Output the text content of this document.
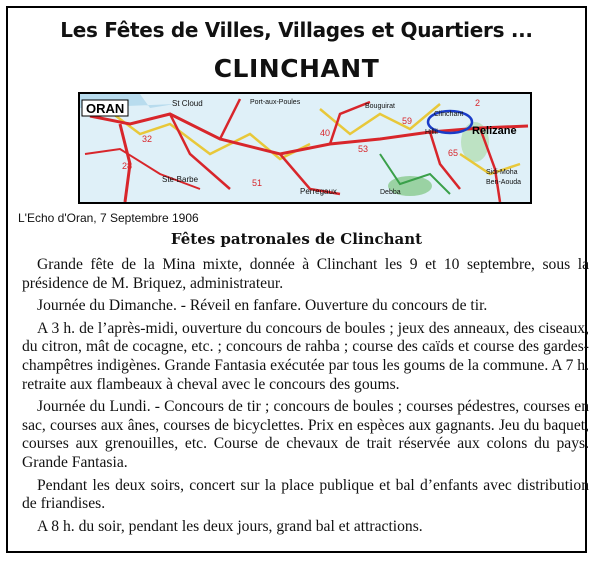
Les Fêtes de Villes, Villages et Quartiers ...
CLINCHANT
ORAN	St Cloud	Port-aux-Poules
Bouguirat
Clinchant
Relizane
Hillil
Ste-Barbe
Perregaux	Debba
Sidi-Moha
Ben-Aouda
32
28
40
51
59
65
53
2
L'Echo d'Oran, 7 Septembre 1906
Fêtes patronales de Clinchant

Grande fête de la Mina mixte, donnée à Clinchant les 9 et 10 septembre, sous la présidence de M. Briquez, administrateur.

Journée du Dimanche. - Réveil en fanfare. Ouverture du concours de tir.

A 3 h. de l’après-midi, ouverture du concours de boules ; jeux des anneaux, des ciseaux, du citron, mât de cocagne, etc. ; concours de rahba ; course des caïds et course des gardes-champêtres indigènes. Grande Fantasia exécutée par tous les goums de la commune. A 7 h. retraite aux flambeaux à cheval avec le concours des goums.

Journée du Lundi. - Concours de tir ; concours de boules ; courses pédestres, courses en sac, courses aux ânes, courses de bicyclettes. Prix en espèces aux gagnants. Jeu du baquet, courses aux grenouilles, etc. Course de chevaux de trait réservée aux colons du pays. Grande Fantasia.

Pendant les deux soirs, concert sur la place publique et bal d’enfants avec distribution de friandises.

A 8 h. du soir, pendant les deux jours, grand bal et attractions.
